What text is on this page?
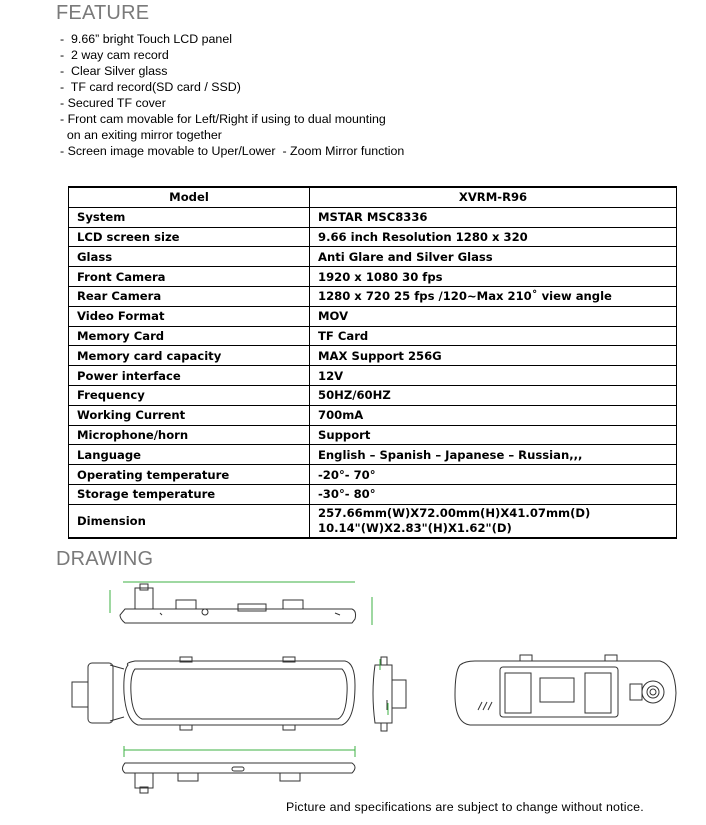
FEATURE
-  9.66” bright Touch LCD panel
-  2 way cam record
-  Clear Silver glass
-  TF card record(SD card / SSD)
- Secured TF cover
- Front cam movable for Left/Right if using to dual mounting
on an exiting mirror together
- Screen image movable to Uper/Lower  - Zoom Mirror function
Model	XVRM-R96
System	MSTAR MSC8336
LCD screen size	9.66 inch Resolution 1280 x 320
Glass	Anti Glare and Silver Glass
Front Camera	1920 x 1080 30 fps
Rear Camera	1280 x 720 25 fps /120~Max 210˚ view angle
Video Format	MOV
Memory Card	TF Card
Memory card capacity	MAX Support 256G
Power interface	12V
Frequency	50HZ/60HZ
Working Current	700mA
Microphone/horn	Support
Language	English – Spanish – Japanese – Russian,,,
Operating temperature	-20°- 70°
Storage temperature	-30°- 80°
Dimension	257.66mm(W)X72.00mm(H)X41.07mm(D)
10.14"(W)X2.83"(H)X1.62"(D)
DRAWING
Picture and specifications are subject to change without notice.
